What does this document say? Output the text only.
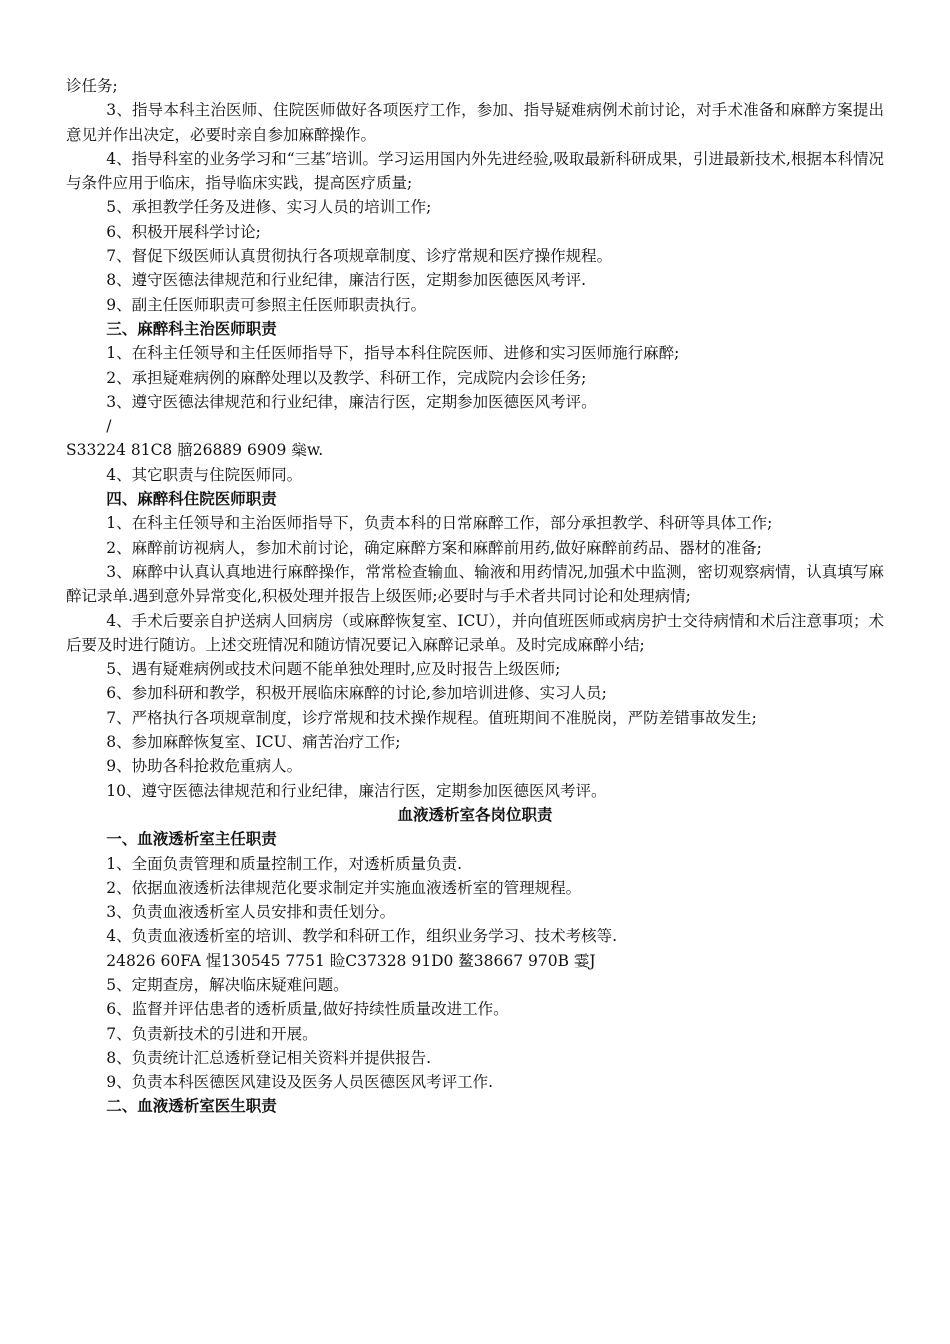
诊任务;

3、指导本科主治医师、住院医师做好各项医疗工作，参加、指导疑难病例术前讨论，对手术准备和麻醉方案提出意见并作出决定，必要时亲自参加麻醉操作。

4、指导科室的业务学习和“三基″培训。学习运用国内外先进经验,吸取最新科研成果，引进最新技术,根据本科情况与条件应用于临床，指导临床实践，提高医疗质量;

5、承担教学任务及进修、实习人员的培训工作;

6、积极开展科学讨论;

7、督促下级医师认真贯彻执行各项规章制度、诊疗常规和医疗操作规程。

8、遵守医德法律规范和行业纪律，廉洁行医，定期参加医德医风考评.

9、副主任医师职责可参照主任医师职责执行。

三、麻醉科主治医师职责

1、在科主任领导和主任医师指导下，指导本科住院医师、进修和实习医师施行麻醉;

2、承担疑难病例的麻醉处理以及教学、科研工作，完成院内会诊任务;

3、遵守医德法律规范和行业纪律，廉洁行医，定期参加医德医风考评。

/

S33224 81C8 膪26889 6909 橤w.

4、其它职责与住院医师同。

四、麻醉科住院医师职责

1、在科主任领导和主治医师指导下，负责本科的日常麻醉工作，部分承担教学、科研等具体工作;

2、麻醉前访视病人，参加术前讨论，确定麻醉方案和麻醉前用药,做好麻醉前药品、器材的准备;

3、麻醉中认真认真地进行麻醉操作，常常检查输血、输液和用药情况,加强术中监测，密切观察病情，认真填写麻醉记录单.遇到意外异常变化,积极处理并报告上级医师;必要时与手术者共同讨论和处理病情;

4、手术后要亲自护送病人回病房（或麻醉恢复室、ICU），并向值班医师或病房护士交待病情和术后注意事项；术后要及时进行随访。上述交班情况和随访情况要记入麻醉记录单。及时完成麻醉小结;

5、遇有疑难病例或技术问题不能单独处理时,应及时报告上级医师;

6、参加科研和教学，积极开展临床麻醉的讨论,参加培训进修、实习人员;

7、严格执行各项规章制度，诊疗常规和技术操作规程。值班期间不准脱岗，严防差错事故发生;

8、参加麻醉恢复室、ICU、痛苦治疗工作;

9、协助各科抢救危重病人。

10、遵守医德法律规范和行业纪律，廉洁行医，定期参加医德医风考评。

血液透析室各岗位职责

一、血液透析室主任职责

1、全面负责管理和质量控制工作，对透析质量负责.

2、依据血液透析法律规范化要求制定并实施血液透析室的管理规程。

3、负责血液透析室人员安排和责任划分。

4、负责血液透析室的培训、教学和科研工作，组织业务学习、技术考核等.

24826 60FA 惺130545 7751 睑C37328 91D0 鳌38667 970B 霎J

5、定期查房，解决临床疑难问题。

6、监督并评估患者的透析质量,做好持续性质量改进工作。

7、负责新技术的引进和开展。

8、负责统计汇总透析登记相关资料并提供报告.

9、负责本科医德医风建设及医务人员医德医风考评工作.

二、血液透析室医生职责
